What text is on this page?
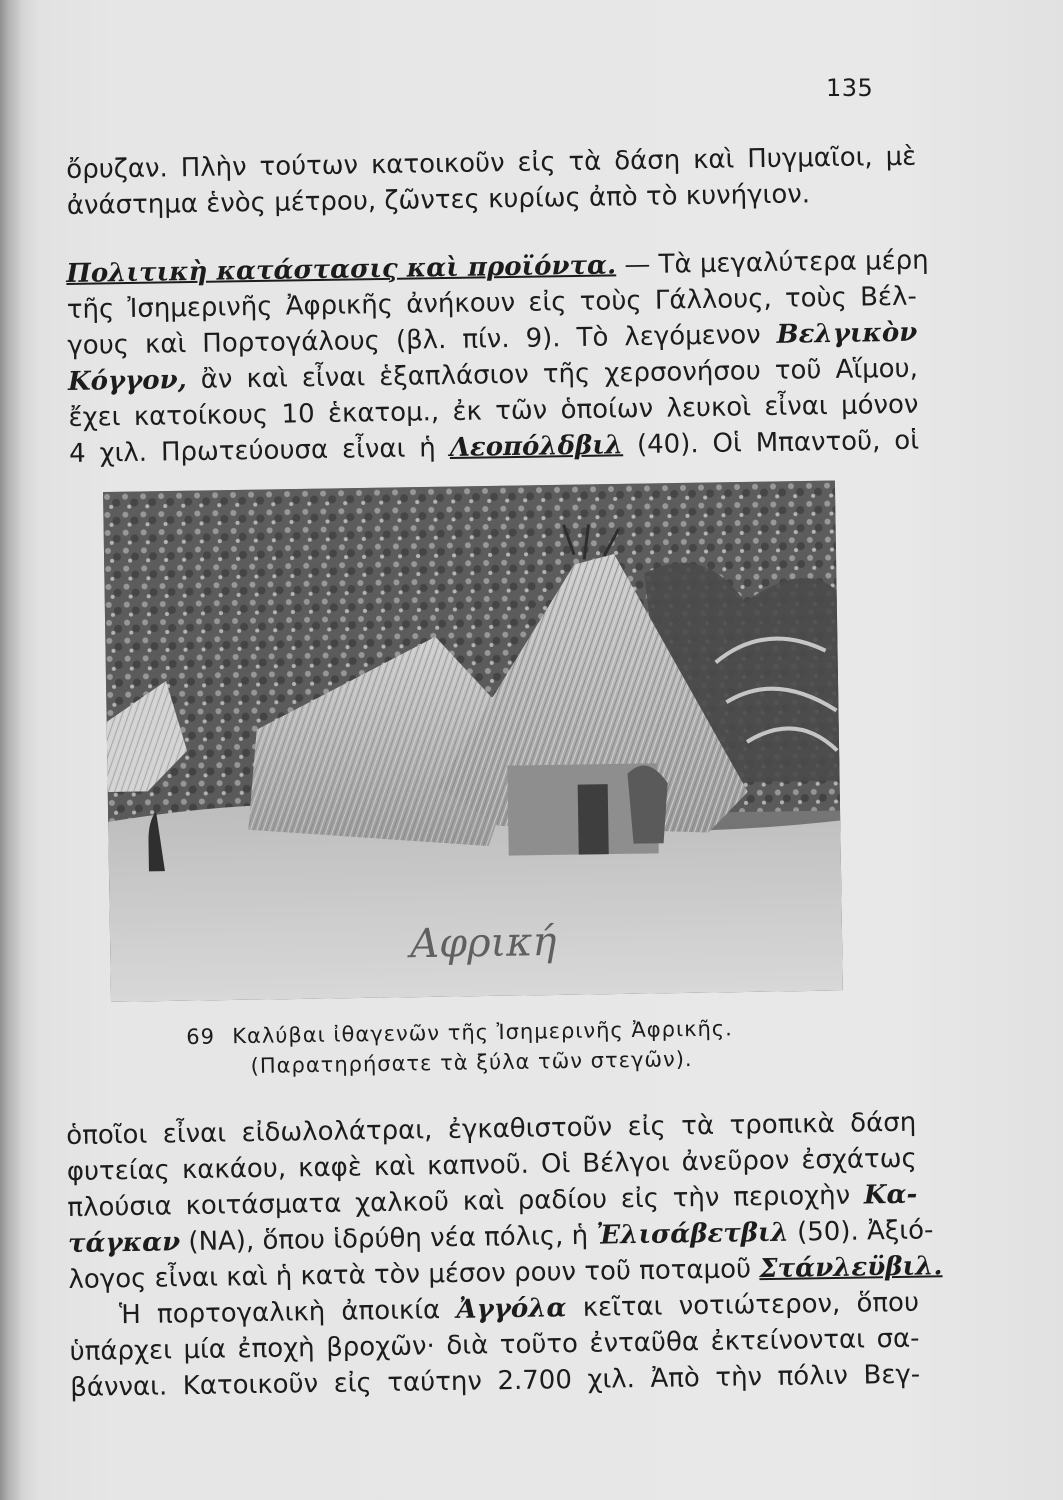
135
ὄρυζαν. Πλὴν τούτων κατοικοῦν εἰς τὰ δάση καὶ Πυγμαῖοι, μὲ
ἀνάστημα ἑνὸς μέτρου, ζῶντες κυρίως ἀπὸ τὸ κυνήγιον.
Πολιτικὴ κατάστασις καὶ προϊόντα. — Τὰ μεγαλύτερα μέρη
τῆς Ἰσημερινῆς Ἀφρικῆς ἀνήκουν εἰς τοὺς Γάλλους, τοὺς Βέλ-
γους καὶ Πορτογάλους (βλ. πίν. 9). Τὸ λεγόμενον Βελγικὸν
Κόγγον, ἂν καὶ εἶναι ἑξαπλάσιον τῆς χερσονήσου τοῦ Αἵμου,
ἔχει κατοίκους 10 ἑκατομ., ἐκ τῶν ὁποίων λευκοὶ εἶναι μόνον
4 χιλ. Πρωτεύουσα εἶναι ἡ Λεοπόλδβιλ (40). Οἱ Μπαντοῦ, οἱ
Αφρική
69 Καλύβαι ἰθαγενῶν τῆς Ἰσημερινῆς Ἀφρικῆς.
(Παρατηρήσατε τὰ ξύλα τῶν στεγῶν).
ὁποῖοι εἶναι εἰδωλολάτραι, ἐγκαθιστοῦν εἰς τὰ τροπικὰ δάση
φυτείας κακάου, καφὲ καὶ καπνοῦ. Οἱ Βέλγοι ἀνεῦρον ἐσχάτως
πλούσια κοιτάσματα χαλκοῦ καὶ ραδίου εἰς τὴν περιοχὴν Κα-
τάγκαν (ΝΑ), ὅπου ἱδρύθη νέα πόλις, ἡ Ἐλισάβετβιλ (50). Ἀξιό-
λογος εἶναι καὶ ἡ κατὰ τὸν μέσον ρουν τοῦ ποταμοῦ Στάνλεϋβιλ.
Ἡ πορτογαλικὴ ἀποικία Ἀγγόλα κεῖται νοτιώτερον, ὅπου
ὑπάρχει μία ἐποχὴ βροχῶν· διὰ τοῦτο ἐνταῦθα ἐκτείνονται σα-
βάνναι. Κατοικοῦν εἰς ταύτην 2.700 χιλ. Ἀπὸ τὴν πόλιν Βεγ-
